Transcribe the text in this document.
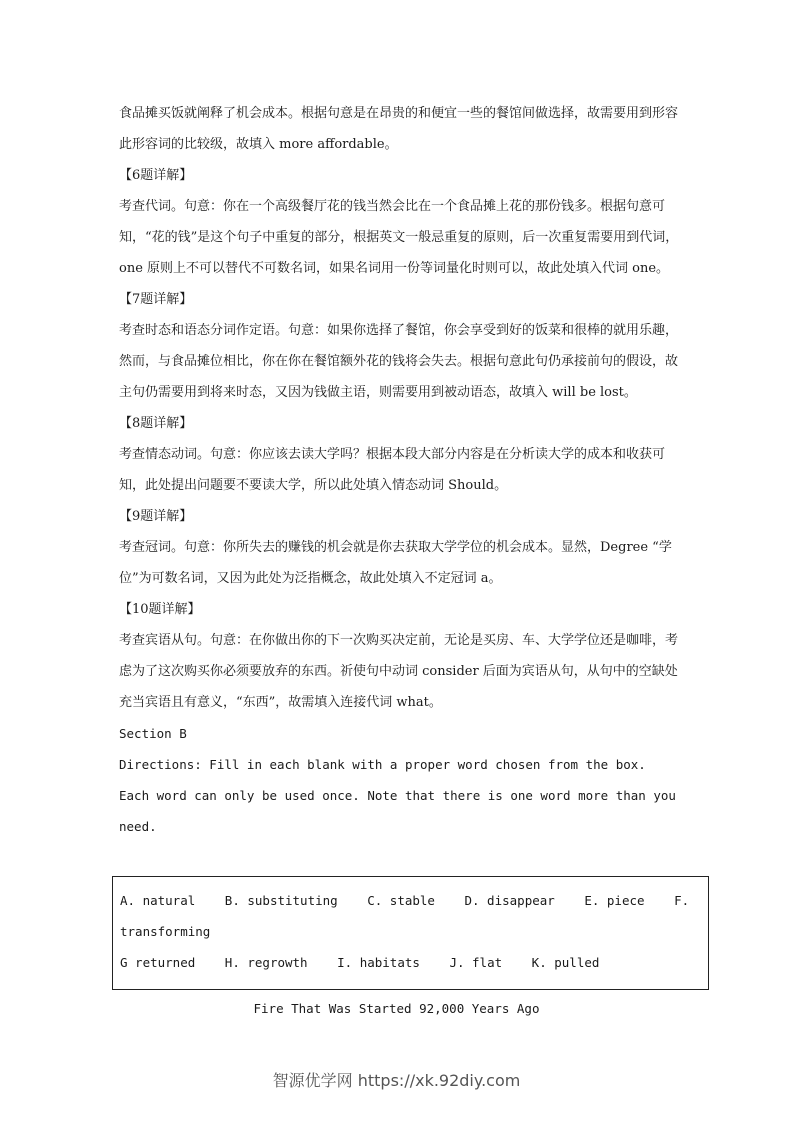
食品摊买饭就阐释了机会成本。根据句意是在昂贵的和便宜一些的餐馆间做选择，故需要用到形容此形容词的比较级，故填入 more affordable。

【6题详解】

考查代词。句意：你在一个高级餐厅花的钱当然会比在一个食品摊上花的那份钱多。根据句意可知，“花的钱”是这个句子中重复的部分，根据英文一般忌重复的原则，后一次重复需要用到代词，one 原则上不可以替代不可数名词，如果名词用一份等词量化时则可以，故此处填入代词 one。

【7题详解】

考查时态和语态分词作定语。句意：如果你选择了餐馆，你会享受到好的饭菜和很棒的就用乐趣，然而，与食品摊位相比，你在你在餐馆额外花的钱将会失去。根据句意此句仍承接前句的假设，故主句仍需要用到将来时态，又因为钱做主语，则需要用到被动语态，故填入 will be lost。

【8题详解】

考查情态动词。句意：你应该去读大学吗？根据本段大部分内容是在分析读大学的成本和收获可知，此处提出问题要不要读大学，所以此处填入情态动词 Should。

【9题详解】

考查冠词。句意：你所失去的赚钱的机会就是你去获取大学学位的机会成本。显然，Degree “学位”为可数名词，又因为此处为泛指概念，故此处填入不定冠词 a。

【10题详解】

考查宾语从句。句意：在你做出你的下一次购买决定前，无论是买房、车、大学学位还是咖啡，考虑为了这次购买你必须要放弃的东西。祈使句中动词 consider 后面为宾语从句，从句中的空缺处充当宾语且有意义，“东西”，故需填入连接代词 what。

Section B

Directions: Fill in each blank with a proper word chosen from the box. Each word can only be used once. Note that there is one word more than you need.

A. natural B. substituting C. stable D. disappear E. piece F.
transforming
G returned H. regrowth I. habitats J. flat K. pulled
Fire That Was Started 92,000 Years Ago
智源优学网 https://xk.92diy.com
